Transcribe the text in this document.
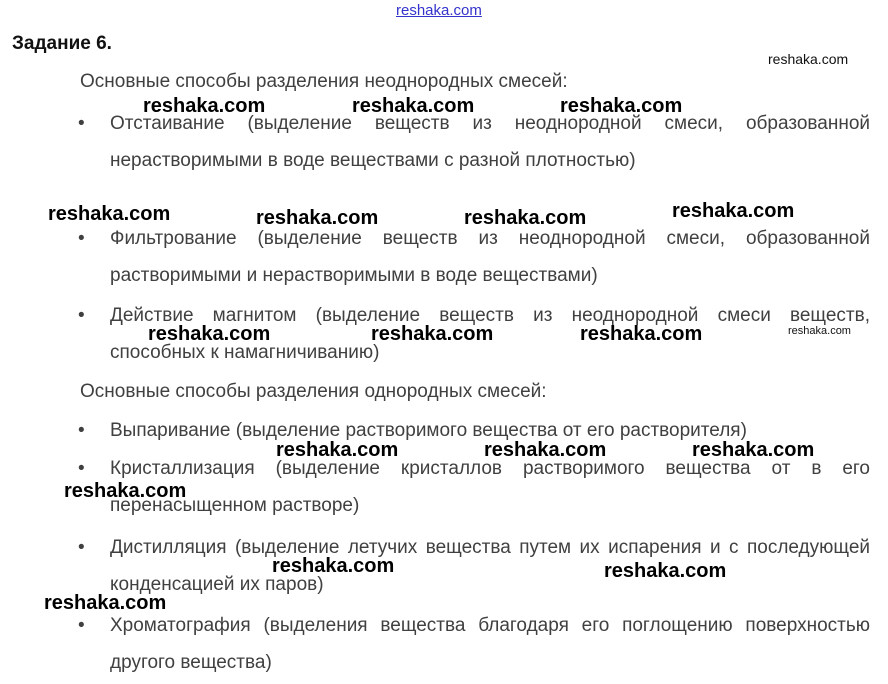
reshaka.com
Задание 6.
Основные способы разделения неоднородных смесей:
• Отстаивание (выделение веществ из неоднородной смеси, образованной нерастворимыми в воде веществами с разной плотностью)
• Фильтрование (выделение веществ из неоднородной смеси, образованной растворимыми и нерастворимыми в воде веществами)
• Действие магнитом (выделение веществ из неоднородной смеси веществ, способных к намагничиванию)
Основные способы разделения однородных смесей:
• Выпаривание (выделение растворимого вещества от его растворителя)
• Кристаллизация (выделение кристаллов растворимого вещества от в его перенасыщенном растворе)
• Дистилляция (выделение летучих вещества путем их испарения и с последующей конденсацией их паров)
• Хроматография (выделения вещества благодаря его поглощению поверхностью другого вещества)
reshaka.com
reshaka.com	reshaka.com	reshaka.com
reshaka.com	reshaka.com	reshaka.com	reshaka.com
reshaka.com	reshaka.com	reshaka.com	reshaka.com
reshaka.com	reshaka.com	reshaka.com
reshaka.com
reshaka.com	reshaka.com
reshaka.com
